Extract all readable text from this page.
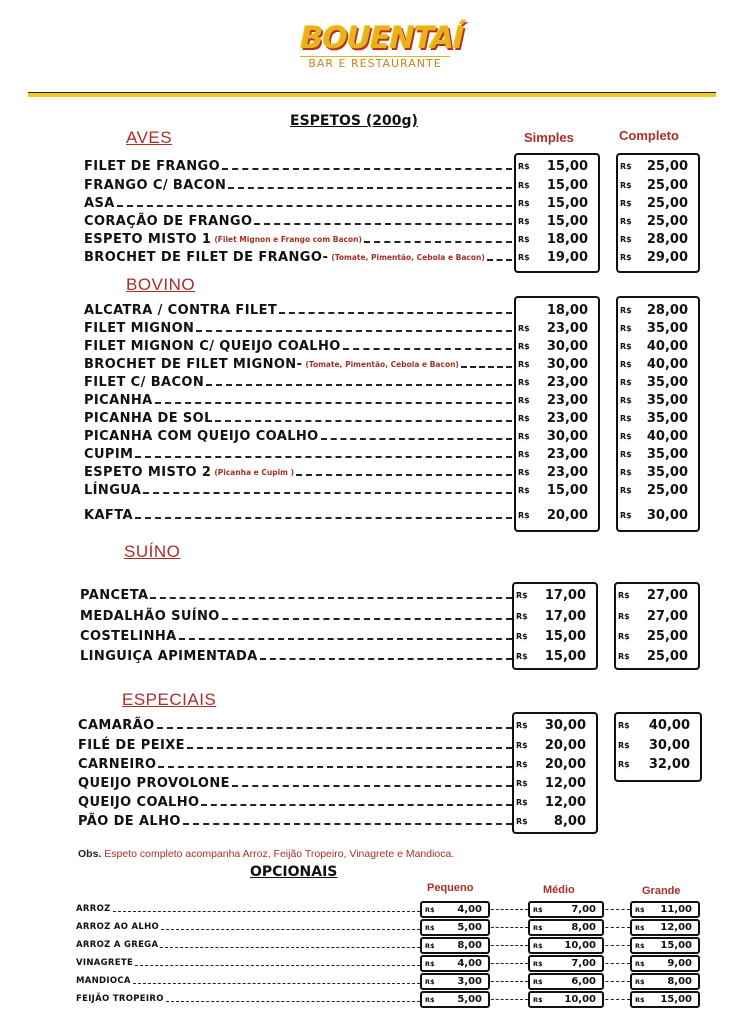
BOUENTAÍ
BAR E RESTAURANTE
ESPETOS (200g)
Simples	Completo
AVES
FILET DE FRANGO	R$	15,00	R$	25,00
FRANGO C/ BACON	R$	15,00	R$	25,00
ASA	R$	15,00	R$	25,00
CORAÇÃO DE FRANGO	R$	15,00	R$	25,00
ESPETO MISTO 1 (Filet Mignon e Frango com Bacon)	R$	18,00	R$	28,00
BROCHET DE FILET DE FRANGO- (Tomate, Pimentão, Cebola e Bacon)	R$	19,00	R$	29,00
BOVINO
ALCATRA / CONTRA FILET	18,00	R$	28,00
FILET MIGNON	R$	23,00	R$	35,00
FILET MIGNON C/ QUEIJO COALHO	R$	30,00	R$	40,00
BROCHET DE FILET MIGNON- (Tomate, Pimentão, Cebola e Bacon)	R$	30,00	R$	40,00
FILET C/ BACON	R$	23,00	R$	35,00
PICANHA	R$	23,00	R$	35,00
PICANHA DE SOL	R$	23,00	R$	35,00
PICANHA COM QUEIJO COALHO	R$	30,00	R$	40,00
CUPIM	R$	23,00	R$	35,00
ESPETO MISTO 2 (Picanha e Cupim )	R$	23,00	R$	35,00
LÍNGUA	R$	15,00	R$	25,00
KAFTA	R$	20,00	R$	30,00
SUÍNO
PANCETA	R$	17,00	R$	27,00
MEDALHÃO SUÍNO	R$	17,00	R$	27,00
COSTELINHA	R$	15,00	R$	25,00
LINGUIÇA APIMENTADA	R$	15,00	R$	25,00
ESPECIAIS
CAMARÃO	R$	30,00	R$	40,00
FILÉ DE PEIXE	R$	20,00	R$	30,00
CARNEIRO	R$	20,00	R$	32,00
QUEIJO PROVOLONE	R$	12,00
QUEIJO COALHO	R$	12,00
PÃO DE ALHO	R$	8,00
Obs. Espeto completo acompanha Arroz, Feijão Tropeiro, Vinagrete e Mandioca.
OPCIONAIS
Pequeno	Médio	Grande
ARROZ	R$	4,00	R$	7,00	R$	11,00
ARROZ AO ALHO	R$	5,00	R$	8,00	R$	12,00
ARROZ A GREGA	R$	8,00	R$	10,00	R$	15,00
VINAGRETE	R$	4,00	R$	7,00	R$	9,00
MANDIOCA	R$	3,00	R$	6,00	R$	8,00
FEIJÃO TROPEIRO	R$	5,00	R$	10,00	R$	15,00
